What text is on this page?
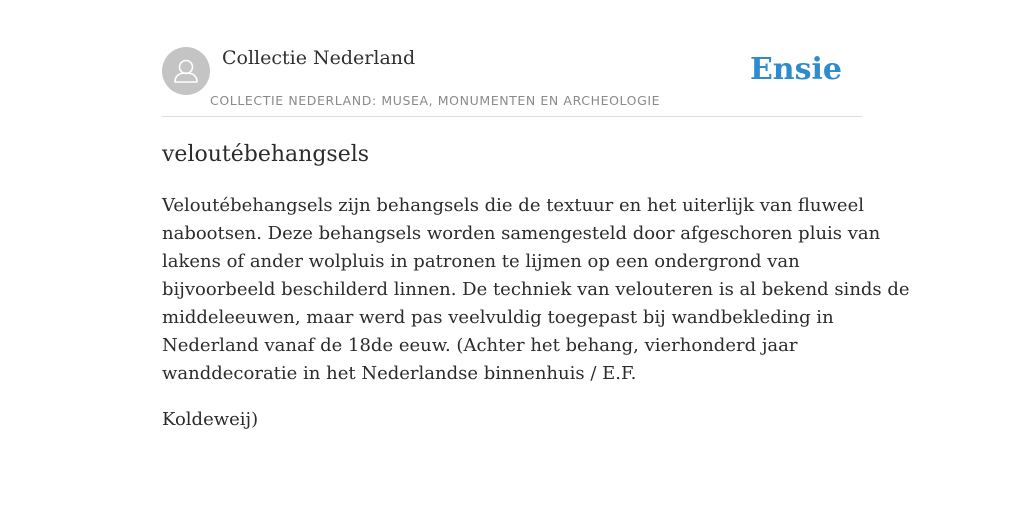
Collectie Nederland
COLLECTIE NEDERLAND: MUSEA, MONUMENTEN EN ARCHEOLOGIE
Ensie
veloutébehangsels

Veloutébehangsels zijn behangsels die de textuur en het uiterlijk van fluweel
nabootsen. Deze behangsels worden samengesteld door afgeschoren pluis van
lakens of ander wolpluis in patronen te lijmen op een ondergrond van
bijvoorbeeld beschilderd linnen. De techniek van velouteren is al bekend sinds de
middeleeuwen, maar werd pas veelvuldig toegepast bij wandbekleding in
Nederland vanaf de 18de eeuw. (Achter het behang, vierhonderd jaar
wanddecoratie in het Nederlandse binnenhuis / E.F.

Koldeweij)
